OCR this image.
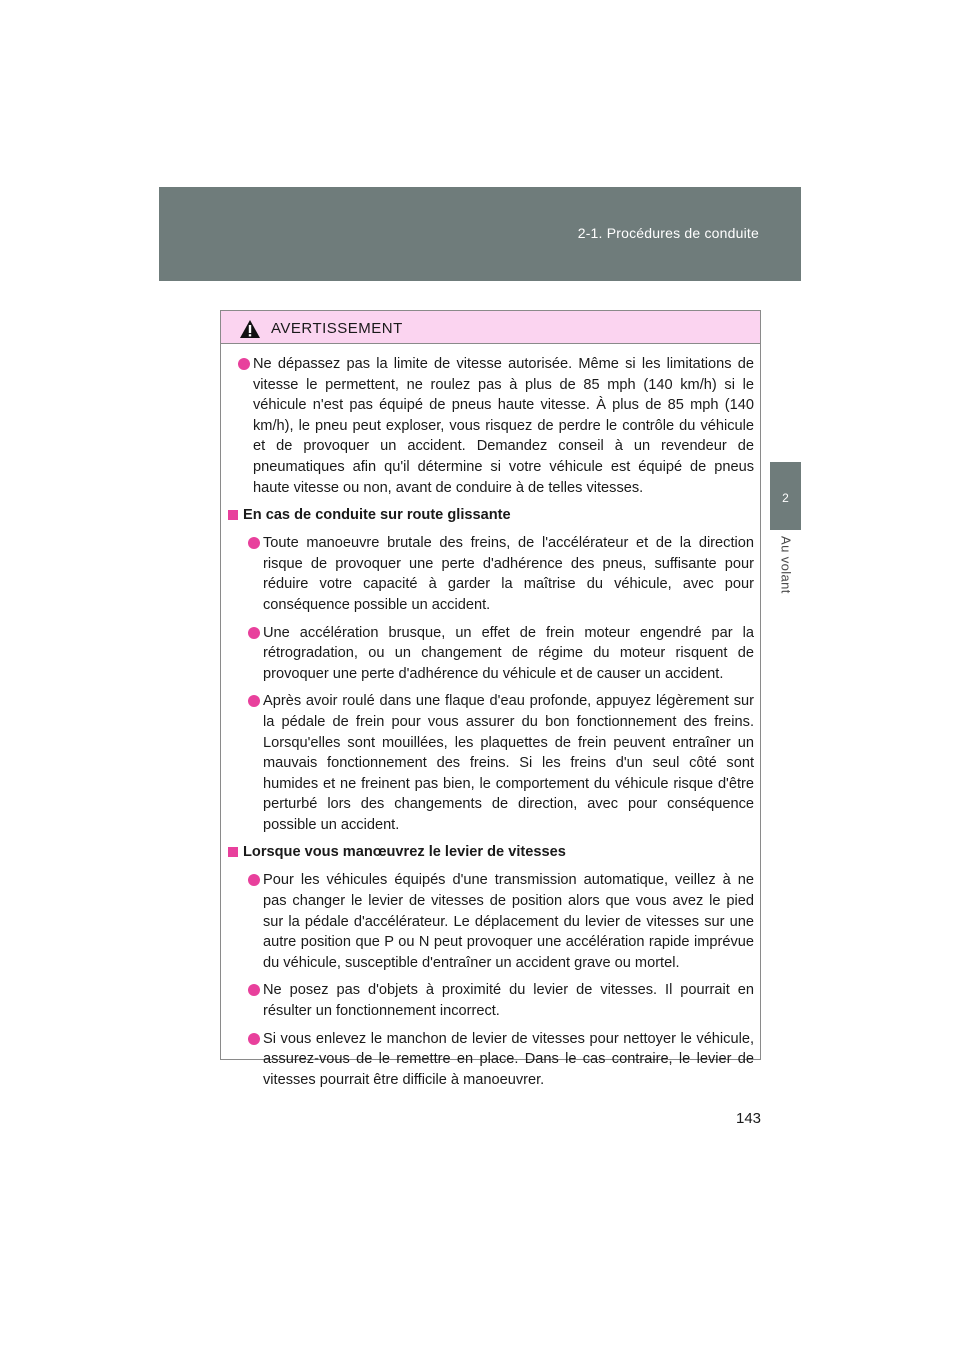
2-1. Procédures de conduite
2
Au volant
AVERTISSEMENT
Ne dépassez pas la limite de vitesse autorisée. Même si les limitations de vitesse le permettent, ne roulez pas à plus de 85 mph (140 km/h) si le véhicule n'est pas équipé de pneus haute vitesse. À plus de 85 mph (140 km/h), le pneu peut exploser, vous risquez de perdre le contrôle du véhicule et de provoquer un accident. Demandez conseil à un revendeur de pneumatiques afin qu'il détermine si votre véhicule est équipé de pneus haute vitesse ou non, avant de conduire à de telles vitesses.
En cas de conduite sur route glissante
Toute manoeuvre brutale des freins, de l'accélérateur et de la direction risque de provoquer une perte d'adhérence des pneus, suffisante pour réduire votre capacité à garder la maîtrise du véhicule, avec pour conséquence possible un accident.
Une accélération brusque, un effet de frein moteur engendré par la rétrogradation, ou un changement de régime du moteur risquent de provoquer une perte d'adhérence du véhicule et de causer un accident.
Après avoir roulé dans une flaque d'eau profonde, appuyez légèrement sur la pédale de frein pour vous assurer du bon fonctionnement des freins. Lorsqu'elles sont mouillées, les plaquettes de frein peuvent entraîner un mauvais fonctionnement des freins. Si les freins d'un seul côté sont humides et ne freinent pas bien, le comportement du véhicule risque d'être perturbé lors des changements de direction, avec pour conséquence possible un accident.
Lorsque vous manœuvrez le levier de vitesses
Pour les véhicules équipés d'une transmission automatique, veillez à ne pas changer le levier de vitesses de position alors que vous avez le pied sur la pédale d'accélérateur. Le déplacement du levier de vitesses sur une autre position que P ou N peut provoquer une accélération rapide imprévue du véhicule, susceptible d'entraîner un accident grave ou mortel.
Ne posez pas d'objets à proximité du levier de vitesses. Il pourrait en résulter un fonctionnement incorrect.
Si vous enlevez le manchon de levier de vitesses pour nettoyer le véhicule, assurez-vous de le remettre en place. Dans le cas contraire, le levier de vitesses pourrait être difficile à manoeuvrer.
143
